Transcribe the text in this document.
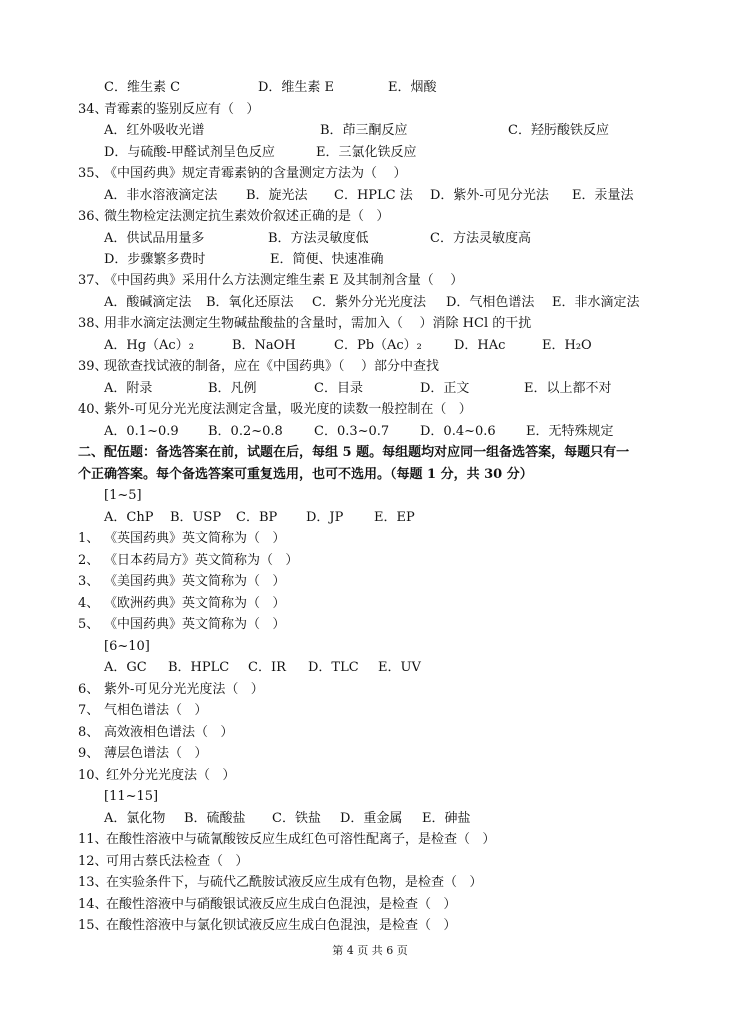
C．维生素 C	D．维生素 E	E．烟酸
34、
青霉素的鉴别反应有（   ）
A．红外吸收光谱	B．茚三酮反应	C．羟肟酸铁反应
D．与硫酸-甲醛试剂呈色反应	E．三氯化铁反应
35、
《中国药典》规定青霉素钠的含量测定方法为（    ）
A．非水溶液滴定法 B．旋光法 C．HPLC 法 D．紫外-可见分光法 E．汞量法
36、
微生物检定法测定抗生素效价叙述正确的是（   ）
A．供试品用量多	B．方法灵敏度低	C．方法灵敏度高
D．步骤繁多费时	E．简便、快速准确
37、
《中国药典》采用什么方法测定维生素 E 及其制剂含量（    ）
A．酸碱滴定法 B．氧化还原法 C．紫外分光光度法 D．气相色谱法 E．非水滴定法
38、
用非水滴定法测定生物碱盐酸盐的含量时，需加入（    ）消除 HCl 的干扰
A．Hg（Ac）₂	B．NaOH	C．Pb（Ac）₂ D．HAc	E．H₂O
39、
现欲查找试液的制备，应在《中国药典》（    ）部分中查找
A．附录	B．凡例	C．目录	D．正文	E．以上都不对
40、
紫外-可见分光光度法测定含量，吸光度的读数一般控制在（   ）
A．0.1~0.9 B．0.2~0.8 C．0.3~0.7 D．0.4~0.6 E．无特殊规定
二、配伍题：备选答案在前，试题在后，每组 5 题。每组题均对应同一组备选答案，每题只有一
个正确答案。每个备选答案可重复选用，也可不选用。（每题 1 分，共 30 分）
[1~5]
A．ChP B．USP C．BP D．JP E．EP
1、 《英国药典》英文简称为（   ）
2、 《日本药局方》英文简称为（   ）
3、 《美国药典》英文简称为（   ）
4、 《欧洲药典》英文简称为（   ）
5、 《中国药典》英文简称为（   ）
[6~10]
A．GC B．HPLC C．IR D．TLC E．UV
6、 紫外-可见分光光度法（   ）
7、 气相色谱法（   ）
8、 高效液相色谱法（   ）
9、 薄层色谱法（   ）
10、
红外分光光度法（   ）
[11~15]
A．氯化物 B．硫酸盐 C．铁盐 D．重金属 E．砷盐
11、
在酸性溶液中与硫氰酸铵反应生成红色可溶性配离子，是检查（   ）
12、
可用古蔡氏法检查（   ）
13、
在实验条件下，与硫代乙酰胺试液反应生成有色物，是检查（   ）
14、
在酸性溶液中与硝酸银试液反应生成白色混浊，是检查（   ）
15、
在酸性溶液中与氯化钡试液反应生成白色混浊，是检查（   ）
第 4 页 共 6 页
